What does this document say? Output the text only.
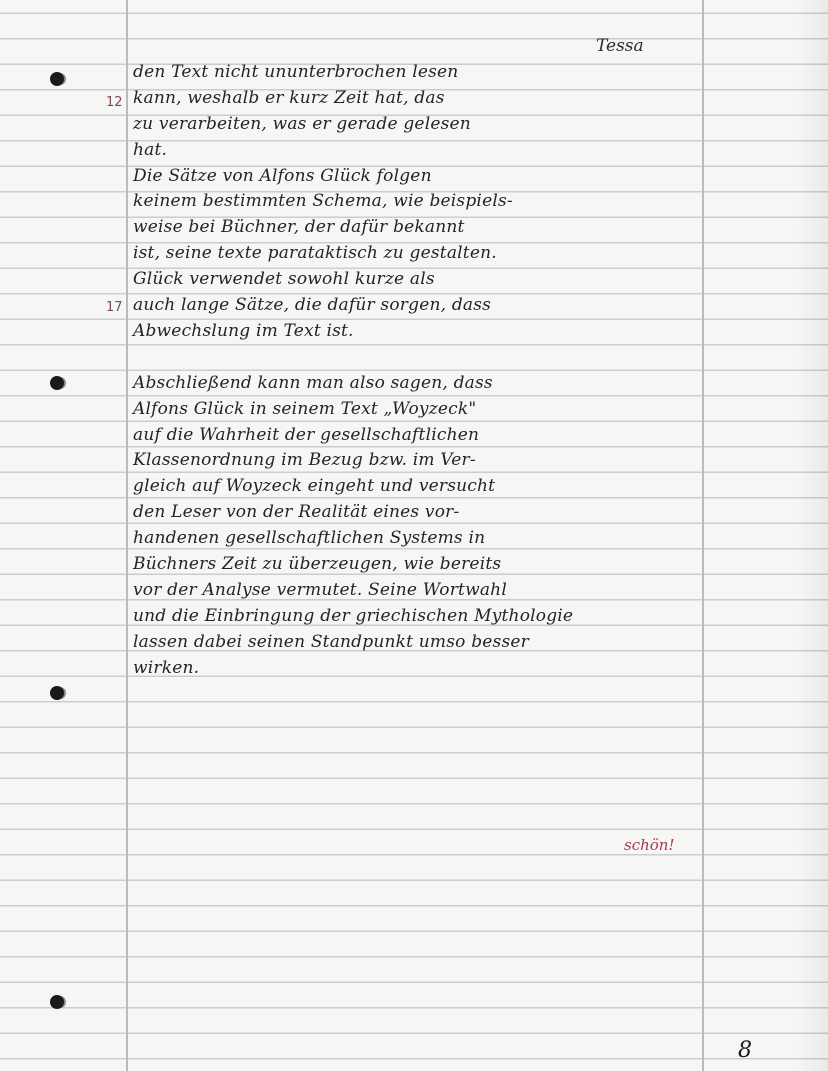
Tessa
12
17
den Text nicht ununterbrochen lesen
kann, weshalb er kurz Zeit hat, das
zu verarbeiten, was er gerade gelesen
hat.
Die Sätze von Alfons Glück folgen
keinem bestimmten Schema, wie beispiels-
weise bei Büchner, der dafür bekannt
ist, seine texte parataktisch zu gestalten.
Glück verwendet sowohl kurze als
auch lange Sätze, die dafür sorgen, dass
Abwechslung im Text ist.
Abschließend kann man also sagen, dass
Alfons Glück in seinem Text „Woyzeck"
auf die Wahrheit der gesellschaftlichen
Klassenordnung im Bezug bzw. im Ver-
gleich auf Woyzeck eingeht und versucht
den Leser von der Realität eines vor-
handenen gesellschaftlichen Systems in
Büchners Zeit zu überzeugen, wie bereits
vor der Analyse vermutet. Seine Wortwahl
und die Einbringung der griechischen Mythologie
lassen dabei seinen Standpunkt umso besser
wirken.
schön!
8
